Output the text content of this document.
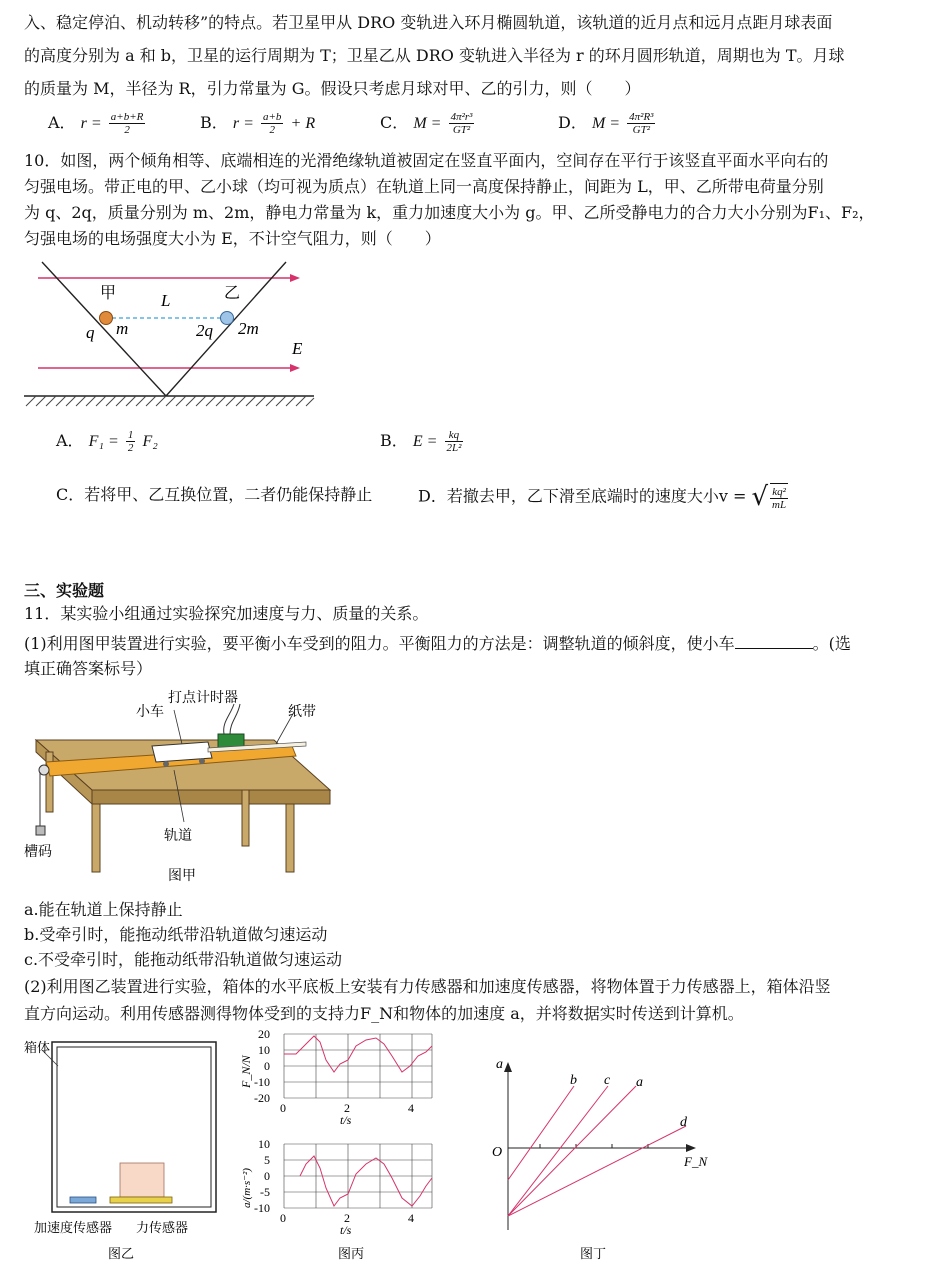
入、稳定停泊、机动转移”的特点。若卫星甲从 DRO 变轨进入环月椭圆轨道，该轨道的近月点和远月点距月球表面
的高度分别为 a 和 b，卫星的运行周期为 T；卫星乙从 DRO 变轨进入半径为 r 的环月圆形轨道，周期也为 T。月球
的质量为 M，半径为 R，引力常量为 G。假设只考虑月球对甲、乙的引力，则（　　）
A． $r = \frac{a+b+R}{2}$	B． $r = \frac{a+b}{2} + R$	C． $M = \frac{\text{4π²r³}}{\text{GT²}}$	D． $M = \frac{\text{4π²R³}}{\text{GT²}}$
10．如图，两个倾角相等、底端相连的光滑绝缘轨道被固定在竖直平面内，空间存在平行于该竖直平面水平向右的
匀强电场。带正电的甲、乙小球（均可视为质点）在轨道上同一高度保持静止，间距为 L，甲、乙所带电荷量分别
为 q、2q，质量分别为 m、2m，静电力常量为 k，重力加速度大小为 g。甲、乙所受静电力的合力大小分别为F₁、F₂，
匀强电场的电场强度大小为 E，不计空气阻力，则（　　）
甲	乙
L
q m	2q 2m
E
A． $F_1 = \frac{1}{2} F_2$	B． $E = \frac{kq}{\text{2L²}}$
C．若将甲、乙互换位置，二者仍能保持静止	D．若撤去甲，乙下滑至底端时的速度大小v = √ $\frac{\text{kq²}}{mL}$
三、实验题
11．某实验小组通过实验探究加速度与力、质量的关系。
(1)利用图甲装置进行实验，要平衡小车受到的阻力。平衡阻力的方法是：调整轨道的倾斜度，使小车	。(选
填正确答案标号）
打点计时器
小车	纸带
轨道
槽码
图甲
a.能在轨道上保持静止
b.受牵引时，能拖动纸带沿轨道做匀速运动
c.不受牵引时，能拖动纸带沿轨道做匀速运动
(2)利用图乙装置进行实验，箱体的水平底板上安装有力传感器和加速度传感器，将物体置于力传感器上，箱体沿竖
直方向运动。利用传感器测得物体受到的支持力F_N和物体的加速度 a，并将数据实时传送到计算机。
箱体
加速度传感器 力传感器
图乙
20
10
0
-10
-20
0	2	4
t/s
F_N/N
10
5
0
-5
-10
0	2	4
t/s
a/(m·s⁻²)
图丙
a
F_N
O
b c a
d
图丁
